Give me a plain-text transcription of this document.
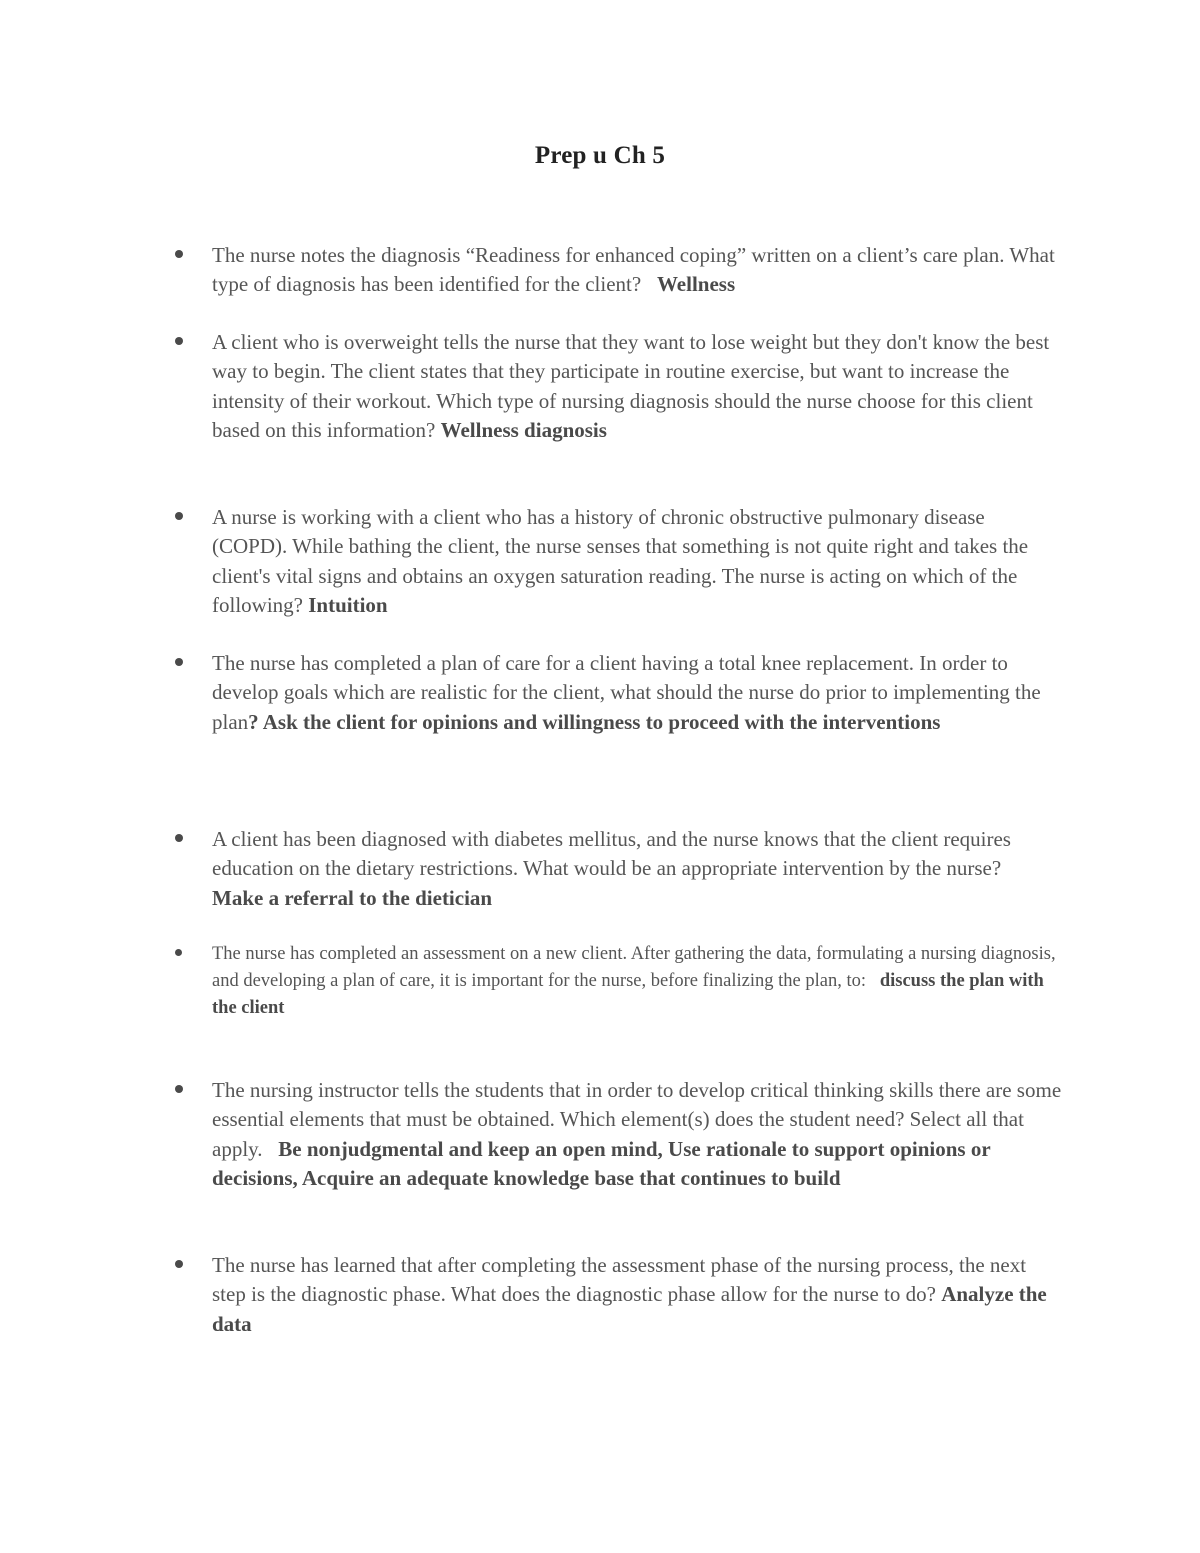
Prep u Ch 5
The nurse notes the diagnosis “Readiness for enhanced coping” written on a client’s care plan. What type of diagnosis has been identified for the client? Wellness
A client who is overweight tells the nurse that they want to lose weight but they don't know the best way to begin. The client states that they participate in routine exercise, but want to increase the intensity of their workout. Which type of nursing diagnosis should the nurse choose for this client based on this information? Wellness diagnosis
A nurse is working with a client who has a history of chronic obstructive pulmonary disease (COPD). While bathing the client, the nurse senses that something is not quite right and takes the client's vital signs and obtains an oxygen saturation reading. The nurse is acting on which of the following? Intuition
The nurse has completed a plan of care for a client having a total knee replacement. In order to develop goals which are realistic for the client, what should the nurse do prior to implementing the plan? Ask the client for opinions and willingness to proceed with the interventions
A client has been diagnosed with diabetes mellitus, and the nurse knows that the client requires education on the dietary restrictions. What would be an appropriate intervention by the nurse?   Make a referral to the dietician
The nurse has completed an assessment on a new client. After gathering the data, formulating a nursing diagnosis, and developing a plan of care, it is important for the nurse, before finalizing the plan, to: discuss the plan with the client
The nursing instructor tells the students that in order to develop critical thinking skills there are some essential elements that must be obtained. Which element(s) does the student need? Select all that apply. Be nonjudgmental and keep an open mind, Use rationale to support opinions or decisions, Acquire an adequate knowledge base that continues to build
The nurse has learned that after completing the assessment phase of the nursing process, the next step is the diagnostic phase. What does the diagnostic phase allow for the nurse to do? Analyze the data
